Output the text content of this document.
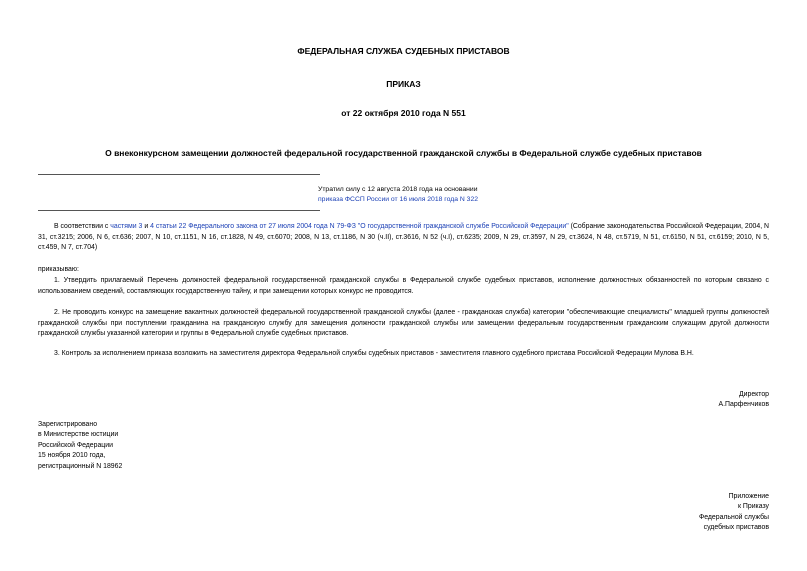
ФЕДЕРАЛЬНАЯ СЛУЖБА СУДЕБНЫХ ПРИСТАВОВ
ПРИКАЗ
от 22 октября 2010 года N 551
О внеконкурсном замещении должностей федеральной государственной гражданской службы в Федеральной службе судебных приставов
Утратил силу с 12 августа 2018 года на основании
приказа ФССП России от 16 июля 2018 года N 322
В соответствии с частями 3 и 4 статьи 22 Федерального закона от 27 июля 2004 года N 79-ФЗ "О государственной гражданской службе Российской Федерации" (Собрание законодательства Российской Федерации, 2004, N 31, ст.3215; 2006, N 6, ст.636; 2007, N 10, ст.1151, N 16, ст.1828, N 49, ст.6070; 2008, N 13, ст.1186, N 30 (ч.II), ст.3616, N 52 (ч.I), ст.6235; 2009, N 29, ст.3597, N 29, ст.3624, N 48, ст.5719, N 51, ст.6150, N 51, ст.6159; 2010, N 5, ст.459, N 7, ст.704)
приказываю:
1. Утвердить прилагаемый Перечень должностей федеральной государственной гражданской службы в Федеральной службе судебных приставов, исполнение должностных обязанностей по которым связано с использованием сведений, составляющих государственную тайну, и при замещении которых конкурс не проводится.
2. Не проводить конкурс на замещение вакантных должностей федеральной государственной гражданской службы (далее - гражданская служба) категории "обеспечивающие специалисты" младшей группы должностей гражданской службы при поступлении гражданина на гражданскую службу для замещения должности гражданской службы или замещении федеральным государственным гражданским служащим другой должности гражданской службы указанной категории и группы в Федеральной службе судебных приставов.
3. Контроль за исполнением приказа возложить на заместителя директора Федеральной службы судебных приставов - заместителя главного судебного пристава Российской Федерации Мулова В.Н.
Директор
А.Парфенчиков
Зарегистрировано
в Министерстве юстиции
Российской Федерации
15 ноября 2010 года,
регистрационный N 18962
Приложение
к Приказу
Федеральной службы
судебных приставов
